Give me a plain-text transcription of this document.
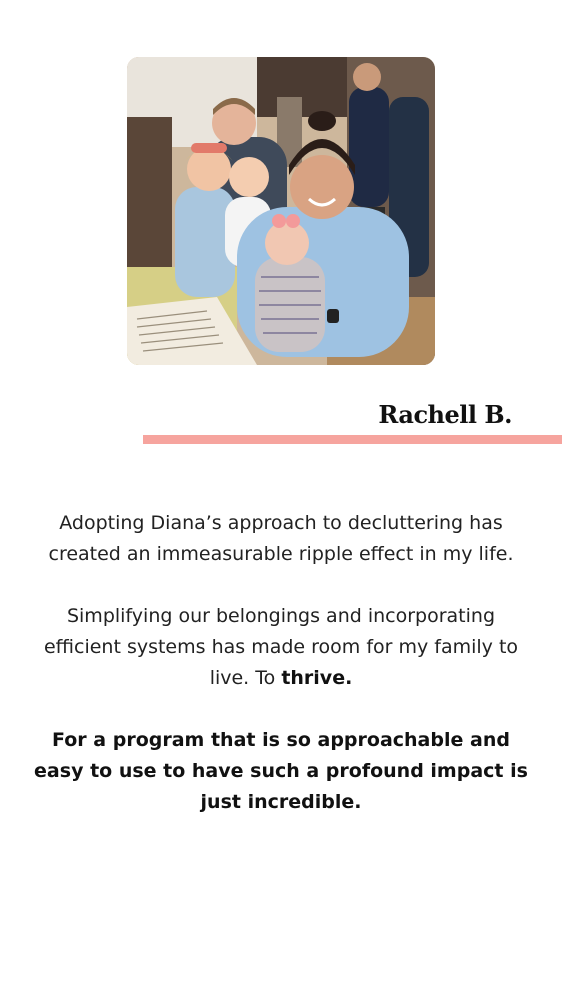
Rachell B.

Adopting Diana’s approach to decluttering has created an immeasurable ripple effect in my life.

Simplifying our belongings and incorporating efficient systems has made room for my family to live. To thrive.

For a program that is so approachable and easy to use to have such a profound impact is just incredible.
